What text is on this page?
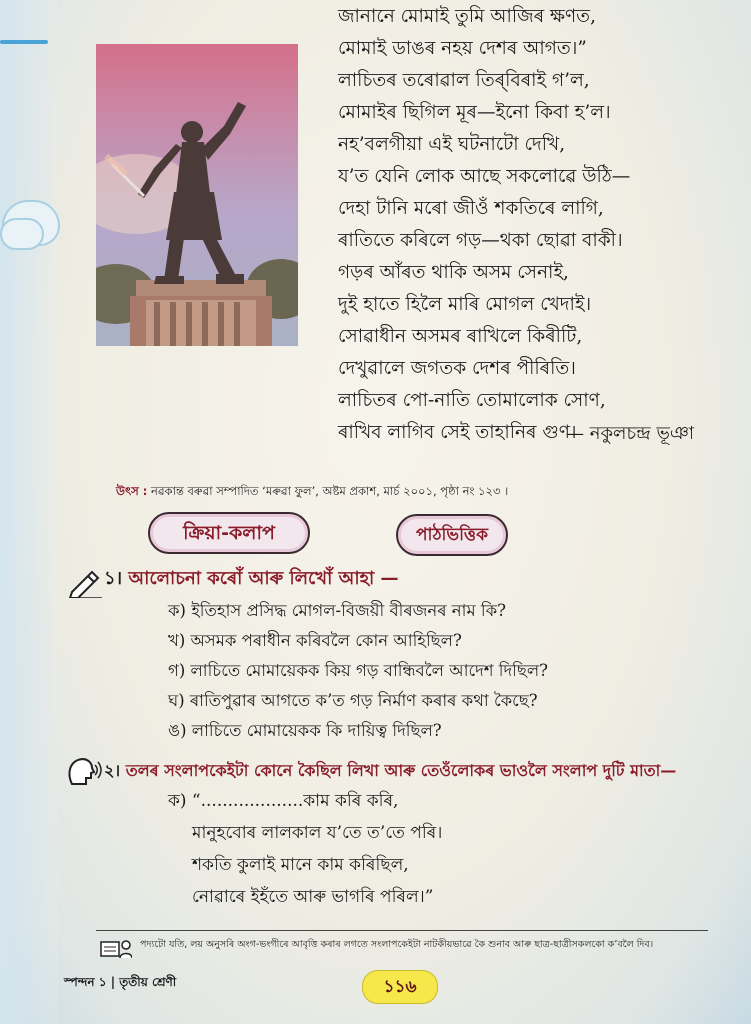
জানানে মোমাই তুমি আজিৰ ক্ষণত,
মোমাই ডাঙৰ নহয় দেশৰ আগত।”
লাচিতৰ তৰোৱাল তিৰ্‌বিৰাই গ’ল,
মোমাইৰ ছিগিল মূৰ—ইনো কিবা হ’ল।
নহ’বলগীয়া এই ঘটনাটো দেখি,
য’ত যেনি লোক আছে সকলোৱে উঠি—
দেহা টানি মৰো জীওঁ শকতিৰে লাগি,
ৰাতিতে কৰিলে গড়—থকা ছোৱা বাকী।
গড়ৰ আঁৰত থাকি অসম সেনাই,
দুই হাতে হিলৈ মাৰি মোগল খেদাই।
সোৱাধীন অসমৰ ৰাখিলে কিৰীটি,
দেখুৱালে জগতক দেশৰ পীৰিতি।
লাচিতৰ পো-নাতি তোমালোক সোণ,
ৰাখিব লাগিব সেই তাহানিৰ গুণ।
— নকুলচন্দ্ৰ ভূঞা
উৎস : নৱকান্ত বৰুৱা সম্পাদিত ‘মৰুৱা ফুল’, অষ্টম প্ৰকাশ, মাৰ্চ ২০০১, পৃষ্ঠা নং ১২৩ ।
ক্ৰিয়া-কলাপ	পাঠভিত্তিক
১। আলোচনা কৰোঁ আৰু লিখোঁ আহা —
ক) ইতিহাস প্ৰসিদ্ধ মোগল-বিজয়ী বীৰজনৰ নাম কি?
খ) অসমক পৰাধীন কৰিবলৈ কোন আহিছিল?
গ) লাচিতে মোমায়েকক কিয় গড় বান্ধিবলৈ আদেশ দিছিল?
ঘ) ৰাতিপুৱাৰ আগতে ক’ত গড় নিৰ্মাণ কৰাৰ কথা কৈছে?
ঙ) লাচিতে মোমায়েকক কি দায়িত্ব দিছিল?
২। তলৰ সংলাপকেইটা কোনে কৈছিল লিখা আৰু তেওঁলোকৰ ভাওলৈ সংলাপ দুটি মাতা—
ক) “...................কাম কৰি কৰি,
মানুহবোৰ লালকাল য’তে ত’তে পৰি।
শকতি কুলাই মানে কাম কৰিছিল,
নোৱাৰে ইহঁতে আৰু ভাগৰি পৰিল।”
পদ্যটো যতি, লয় অনুসৰি অংগ-ভংগীৰে আবৃত্তি কৰাৰ লগতে সংলাপকেইটা নাটকীয়ভাৱে কৈ শুনাব আৰু ছাত্ৰ-ছাত্ৰীসকলকো ক’বলৈ দিব।
স্পন্দন ১ | তৃতীয় শ্ৰেণী	১১৬
